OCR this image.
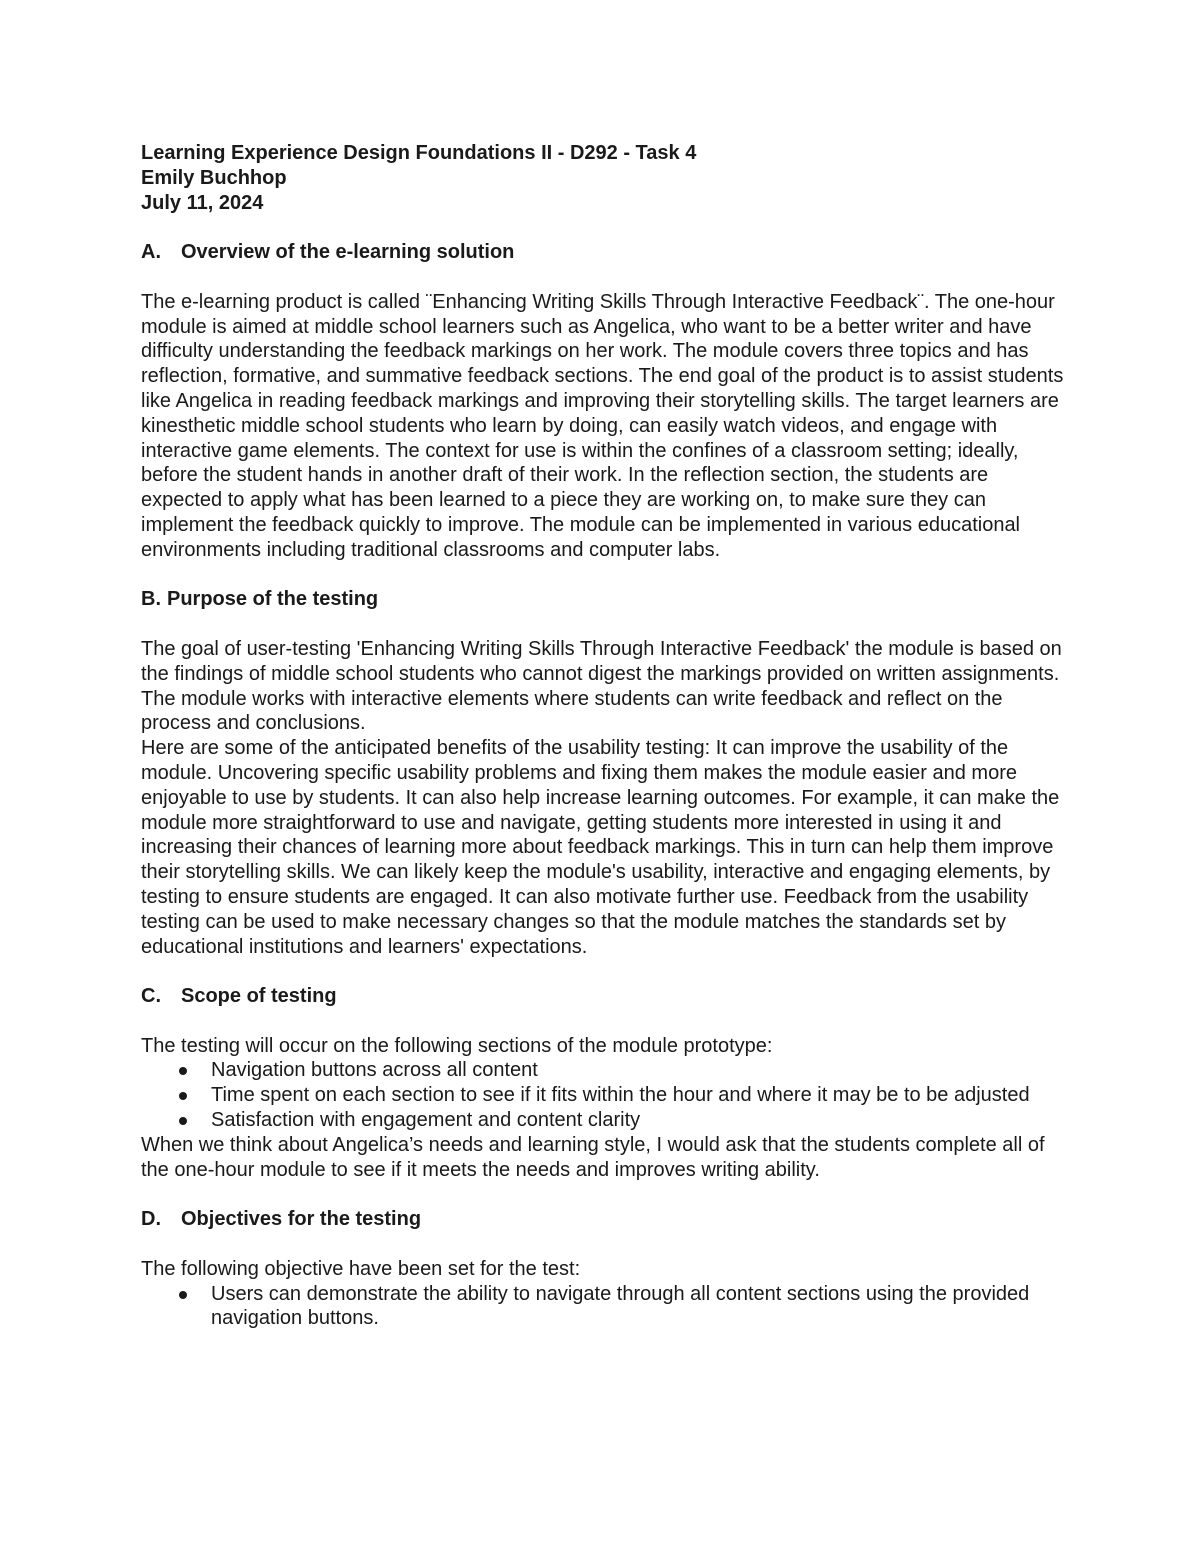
Learning Experience Design Foundations II - D292 - Task 4

Emily Buchhop

July 11, 2024

A.	Overview of the e-learning solution

The e-learning product is called ¨Enhancing Writing Skills Through Interactive Feedback¨. The one-hour module is aimed at middle school learners such as Angelica, who want to be a better writer and have difficulty understanding the feedback markings on her work. The module covers three topics and has reflection, formative, and summative feedback sections. The end goal of the product is to assist students like Angelica in reading feedback markings and improving their storytelling skills. The target learners are kinesthetic middle school students who learn by doing, can easily watch videos, and engage with interactive game elements. The context for use is within the confines of a classroom setting; ideally, before the student hands in another draft of their work. In the reflection section, the students are expected to apply what has been learned to a piece they are working on, to make sure they can implement the feedback quickly to improve. The module can be implemented in various educational environments including traditional classrooms and computer labs.

B. Purpose of the testing

The goal of user-testing 'Enhancing Writing Skills Through Interactive Feedback' the module is based on the findings of middle school students who cannot digest the markings provided on written assignments. The module works with interactive elements where students can write feedback and reflect on the process and conclusions.

Here are some of the anticipated benefits of the usability testing: It can improve the usability of the module. Uncovering specific usability problems and fixing them makes the module easier and more enjoyable to use by students. It can also help increase learning outcomes. For example, it can make the module more straightforward to use and navigate, getting students more interested in using it and increasing their chances of learning more about feedback markings. This in turn can help them improve their storytelling skills. We can likely keep the module's usability, interactive and engaging elements, by testing to ensure students are engaged. It can also motivate further use. Feedback from the usability testing can be used to make necessary changes so that the module matches the standards set by educational institutions and learners' expectations.

C.	Scope of testing

The testing will occur on the following sections of the module prototype:

Navigation buttons across all content
Time spent on each section to see if it fits within the hour and where it may be to be adjusted
Satisfaction with engagement and content clarity

When we think about Angelica’s needs and learning style, I would ask that the students complete all of the one-hour module to see if it meets the needs and improves writing ability.

D.	Objectives for the testing

The following objective have been set for the test:

Users can demonstrate the ability to navigate through all content sections using the provided navigation buttons.
